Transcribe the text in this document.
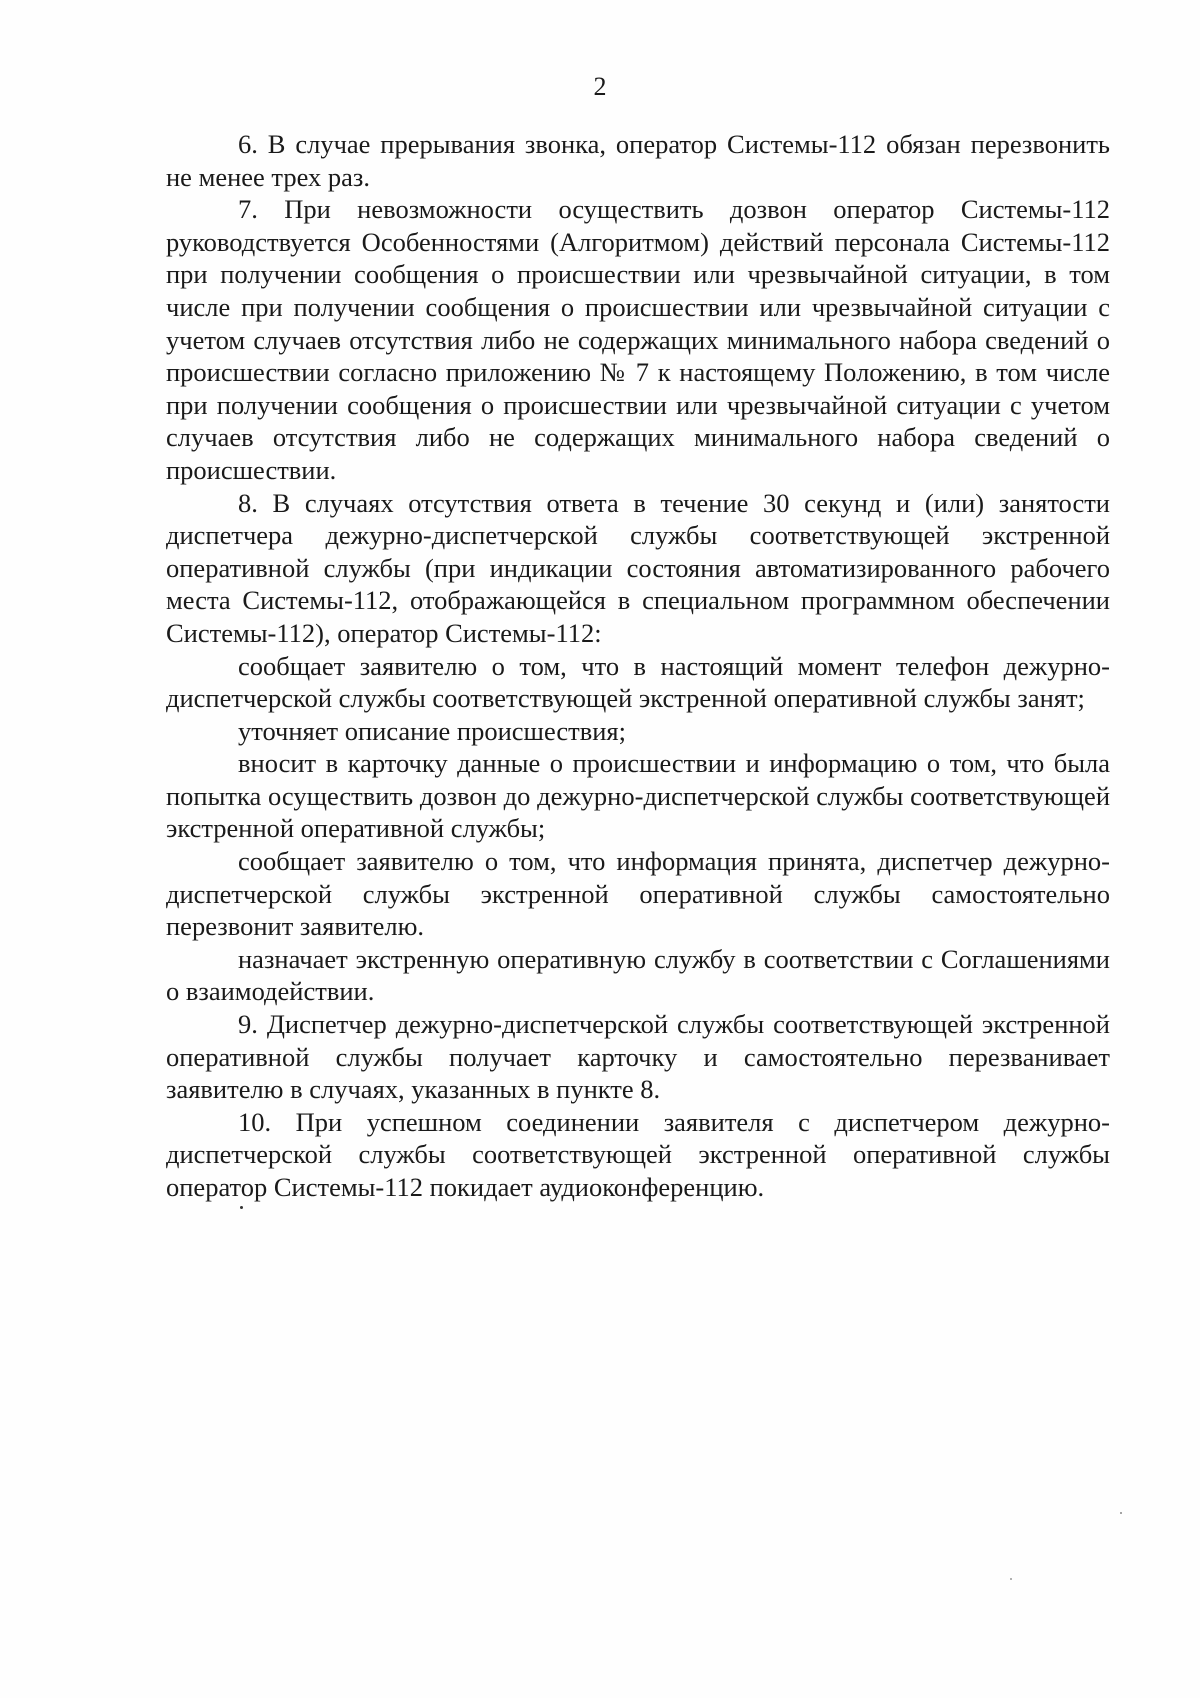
2

6. В случае прерывания звонка, оператор Системы-112 обязан перезвонить не менее трех раз.

7. При невозможности осуществить дозвон оператор Системы-112 руководствуется Особенностями (Алгоритмом) действий персонала Системы-112 при получении сообщения о происшествии или чрезвычайной ситуации, в том числе при получении сообщения о происшествии или чрезвычайной ситуации с учетом случаев отсутствия либо не содержащих минимального набора сведений о происшествии согласно приложению № 7 к настоящему Положению, в том числе при получении сообщения о происшествии или чрезвычайной ситуации с учетом случаев отсутствия либо не содержащих минимального набора сведений о происшествии.

8. В случаях отсутствия ответа в течение 30 секунд и (или) занятости диспетчера дежурно-диспетчерской службы соответствующей экстренной оперативной службы (при индикации состояния автоматизированного рабочего места Системы-112, отображающейся в специальном программном обеспечении Системы-112), оператор Системы-112:

сообщает заявителю о том, что в настоящий момент телефон дежурно-диспетчерской службы соответствующей экстренной оперативной службы занят;

уточняет описание происшествия;

вносит в карточку данные о происшествии и информацию о том, что была попытка осуществить дозвон до дежурно-диспетчерской службы соответствующей экстренной оперативной службы;

сообщает заявителю о том, что информация принята, диспетчер дежурно-диспетчерской службы экстренной оперативной службы самостоятельно перезвонит заявителю.

назначает экстренную оперативную службу в соответствии с Соглашениями о взаимодействии.

9. Диспетчер дежурно-диспетчерской службы соответствующей экстренной оперативной службы получает карточку и самостоятельно перезванивает заявителю в случаях, указанных в пункте 8.

10. При успешном соединении заявителя с диспетчером дежурно-диспетчерской службы соответствующей экстренной оперативной службы оператор Системы-112 покидает аудиоконференцию.
